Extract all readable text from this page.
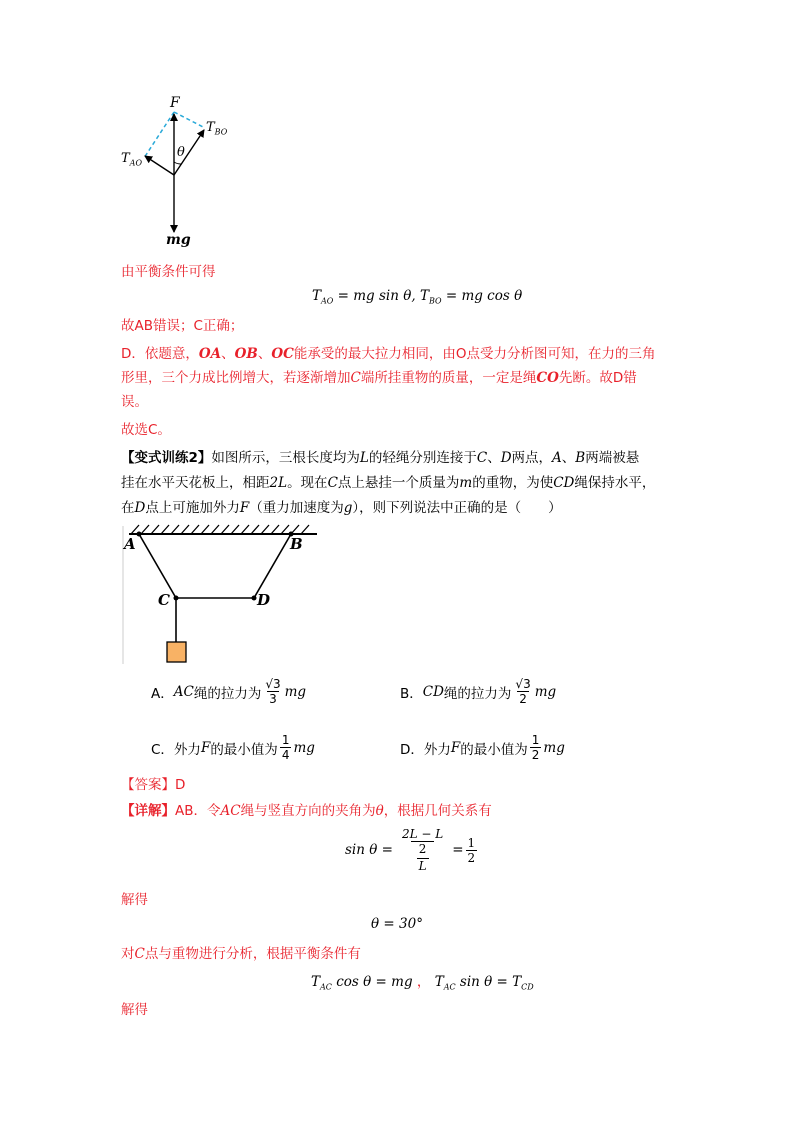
F
$T_{BO}$
$T_{AO}$
θ
mg
由平衡条件可得
$T_{AO}$ = mg sin θ, $T_{BO}$ = mg cos θ
故AB错误；C正确；
D．依题意，OA、OB、OC能承受的最大拉力相同，由O点受力分析图可知，在力的三角
形里，三个力成比例增大，若逐渐增加C端所挂重物的质量，一定是绳CO先断。故D错
误。
故选C。
【变式训练2】如图所示，三根长度均为L的轻绳分别连接于C、D两点，A、B两端被悬
挂在水平天花板上，相距2L。现在C点上悬挂一个质量为m的重物，为使CD绳保持水平，
在D点上可施加外力F（重力加速度为g），则下列说法中正确的是（　　）
A	B
C	D
A． AC 绳的拉力为 $\frac{√3}{3}$ mg	B． CD 绳的拉力为 $\frac{√3}{2}$ mg
C． 外力 F 的最小值为 $\frac{1}{4}$ mg	D． 外力 F 的最小值为 $\frac{1}{2}$ mg
【答案】D
【详解】AB．令AC绳与竖直方向的夹角为θ，根据几何关系有
$\sin \theta = \frac{\frac{2L - L}{2}}{L} = \frac{1}{2}$
解得
θ = 30°
对C点与重物进行分析，根据平衡条件有
$T_{AC}$ cos θ = mg ， $T_{AC}$ $\sin \theta = T_{CD}$
解得
